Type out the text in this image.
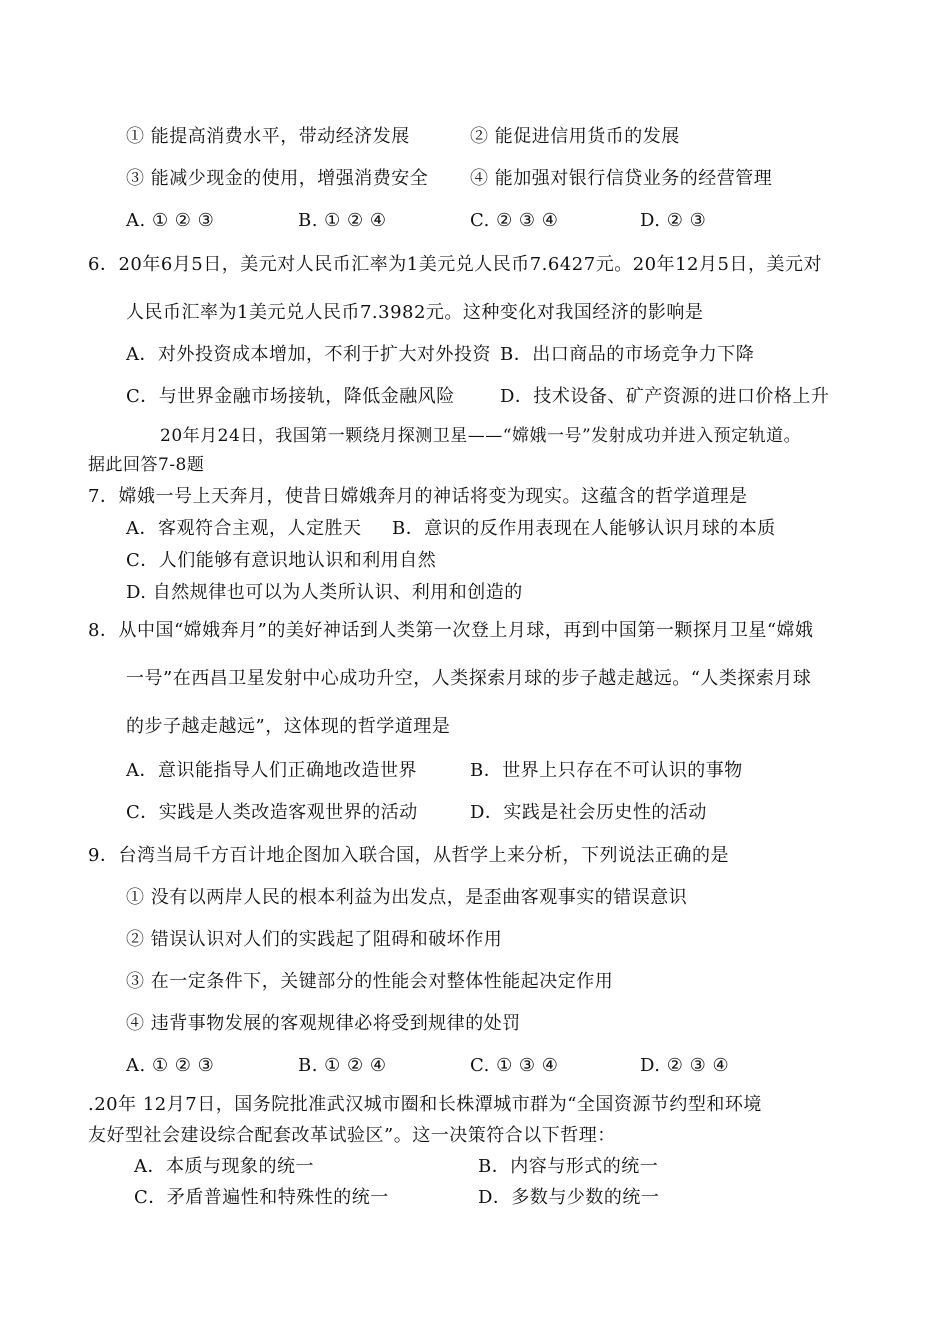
① 能提高消费水平，带动经济发展	② 能促进信用货币的发展
③ 能减少现金的使用，增强消费安全 ④ 能加强对银行信贷业务的经营管理
A. ① ② ③	B. ① ② ④	C. ② ③ ④	D. ② ③
6．20年6月5日，美元对人民币汇率为1美元兑人民币7.6427元。20年12月5日，美元对
人民币汇率为1美元兑人民币7.3982元。这种变化对我国经济的影响是
A．对外投资成本增加，不利于扩大对外投资 B．出口商品的市场竞争力下降
C．与世界金融市场接轨，降低金融风险	D．技术设备、矿产资源的进口价格上升
20年月24日，我国第一颗绕月探测卫星——“嫦娥一号”发射成功并进入预定轨道。
据此回答7-8题
7．嫦娥一号上天奔月，使昔日嫦娥奔月的神话将变为现实。这蕴含的哲学道理是
A．客观符合主观，人定胜天 B．意识的反作用表现在人能够认识月球的本质
C．人们能够有意识地认识和利用自然
D. 自然规律也可以为人类所认识、利用和创造的
8．从中国“嫦娥奔月”的美好神话到人类第一次登上月球，再到中国第一颗探月卫星“嫦娥
一号”在西昌卫星发射中心成功升空，人类探索月球的步子越走越远。“人类探索月球
的步子越走越远”，这体现的哲学道理是
A．意识能指导人们正确地改造世界	B．世界上只存在不可认识的事物
C．实践是人类改造客观世界的活动	D．实践是社会历史性的活动
9．台湾当局千方百计地企图加入联合国，从哲学上来分析，下列说法正确的是
① 没有以两岸人民的根本利益为出发点，是歪曲客观事实的错误意识
② 错误认识对人们的实践起了阻碍和破坏作用
③ 在一定条件下，关键部分的性能会对整体性能起决定作用
④ 违背事物发展的客观规律必将受到规律的处罚
A. ① ② ③	B. ① ② ④	C. ① ③ ④	D. ② ③ ④
.20年 12月7日，国务院批准武汉城市圈和长株潭城市群为“全国资源节约型和环境
友好型社会建设综合配套改革试验区”。这一决策符合以下哲理：
A．本质与现象的统一	B．内容与形式的统一
C．矛盾普遍性和特殊性的统一	D．多数与少数的统一
